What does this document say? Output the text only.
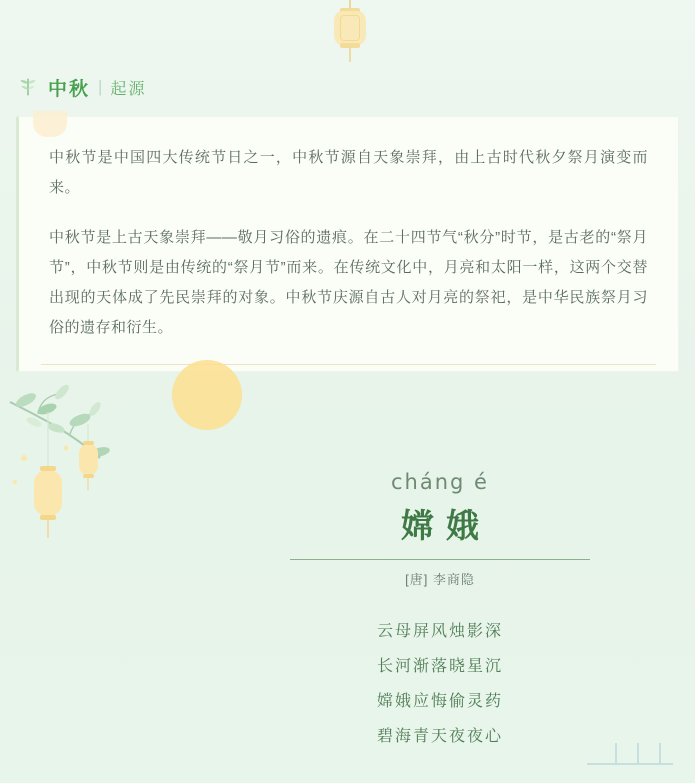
中秋 | 起源

中秋节是中国四大传统节日之一，中秋节源自天象崇拜，由上古时代秋夕祭月演变而来。

中秋节是上古天象崇拜——敬月习俗的遗痕。在二十四节气“秋分”时节，是古老的“祭月节”，中秋节则是由传统的“祭月节”而来。在传统文化中，月亮和太阳一样，这两个交替出现的天体成了先民崇拜的对象。中秋节庆源自古人对月亮的祭祀，是中华民族祭月习俗的遗存和衍生。

cháng é
嫦娥
[唐] 李商隐
云母屏风烛影深
长河渐落晓星沉
嫦娥应悔偷灵药
碧海青天夜夜心
